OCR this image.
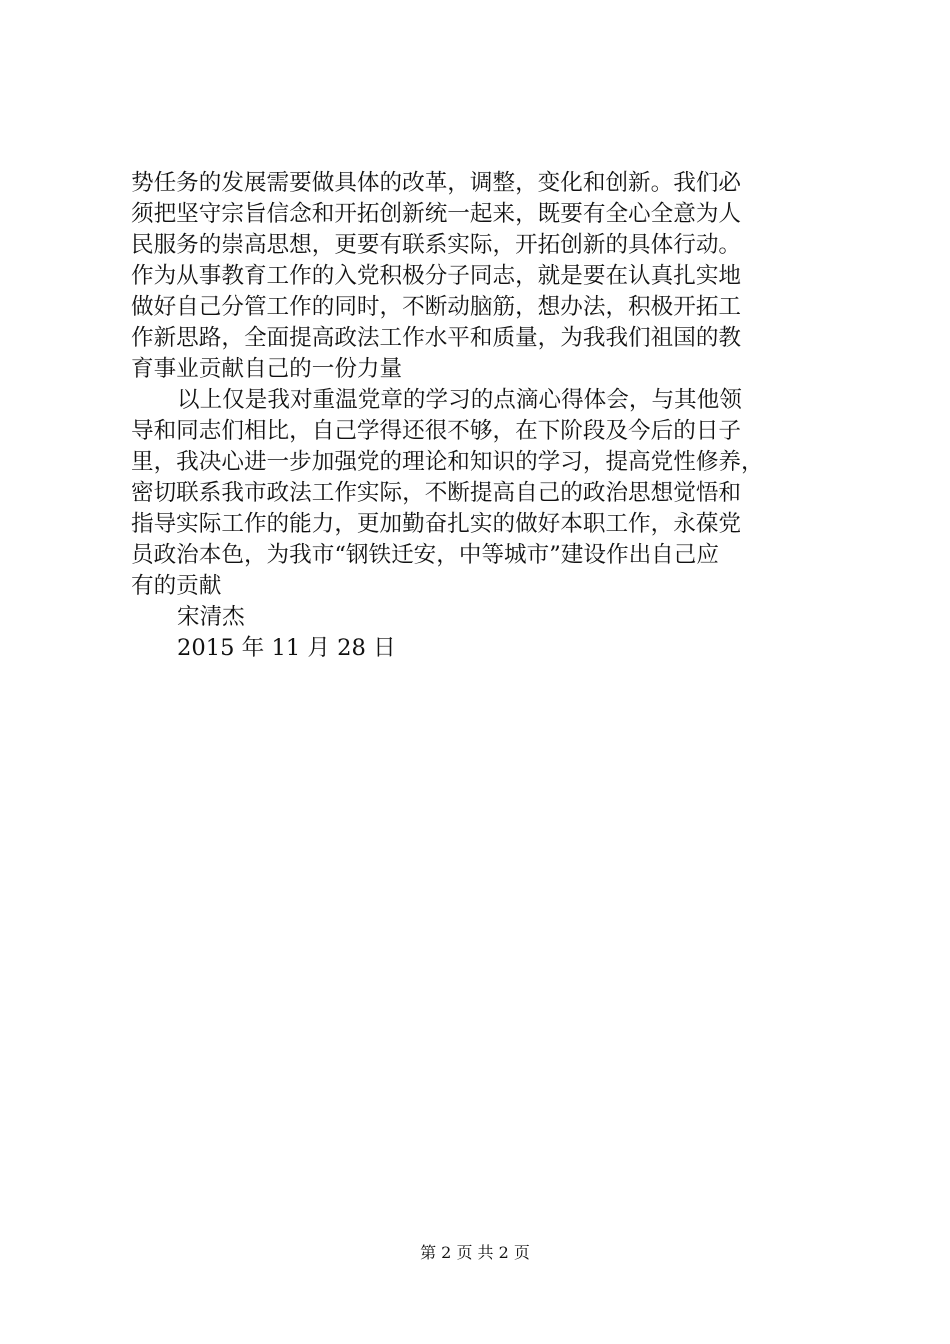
势任务的发展需要做具体的改革，调整，变化和创新。我们必
须把坚守宗旨信念和开拓创新统一起来，既要有全心全意为人
民服务的崇高思想，更要有联系实际，开拓创新的具体行动。
作为从事教育工作的入党积极分子同志，就是要在认真扎实地
做好自己分管工作的同时，不断动脑筋，想办法，积极开拓工
作新思路，全面提高政法工作水平和质量，为我我们祖国的教
育事业贡献自己的一份力量
以上仅是我对重温党章的学习的点滴心得体会，与其他领
导和同志们相比，自己学得还很不够，在下阶段及今后的日子
里，我决心进一步加强党的理论和知识的学习，提高党性修养，
密切联系我市政法工作实际，不断提高自己的政治思想觉悟和
指导实际工作的能力，更加勤奋扎实的做好本职工作，永葆党
员政治本色，为我市“钢铁迁安，中等城市”建设作出自己应
有的贡献
宋清杰
2015 年 11 月 28 日
第 2 页 共 2 页
